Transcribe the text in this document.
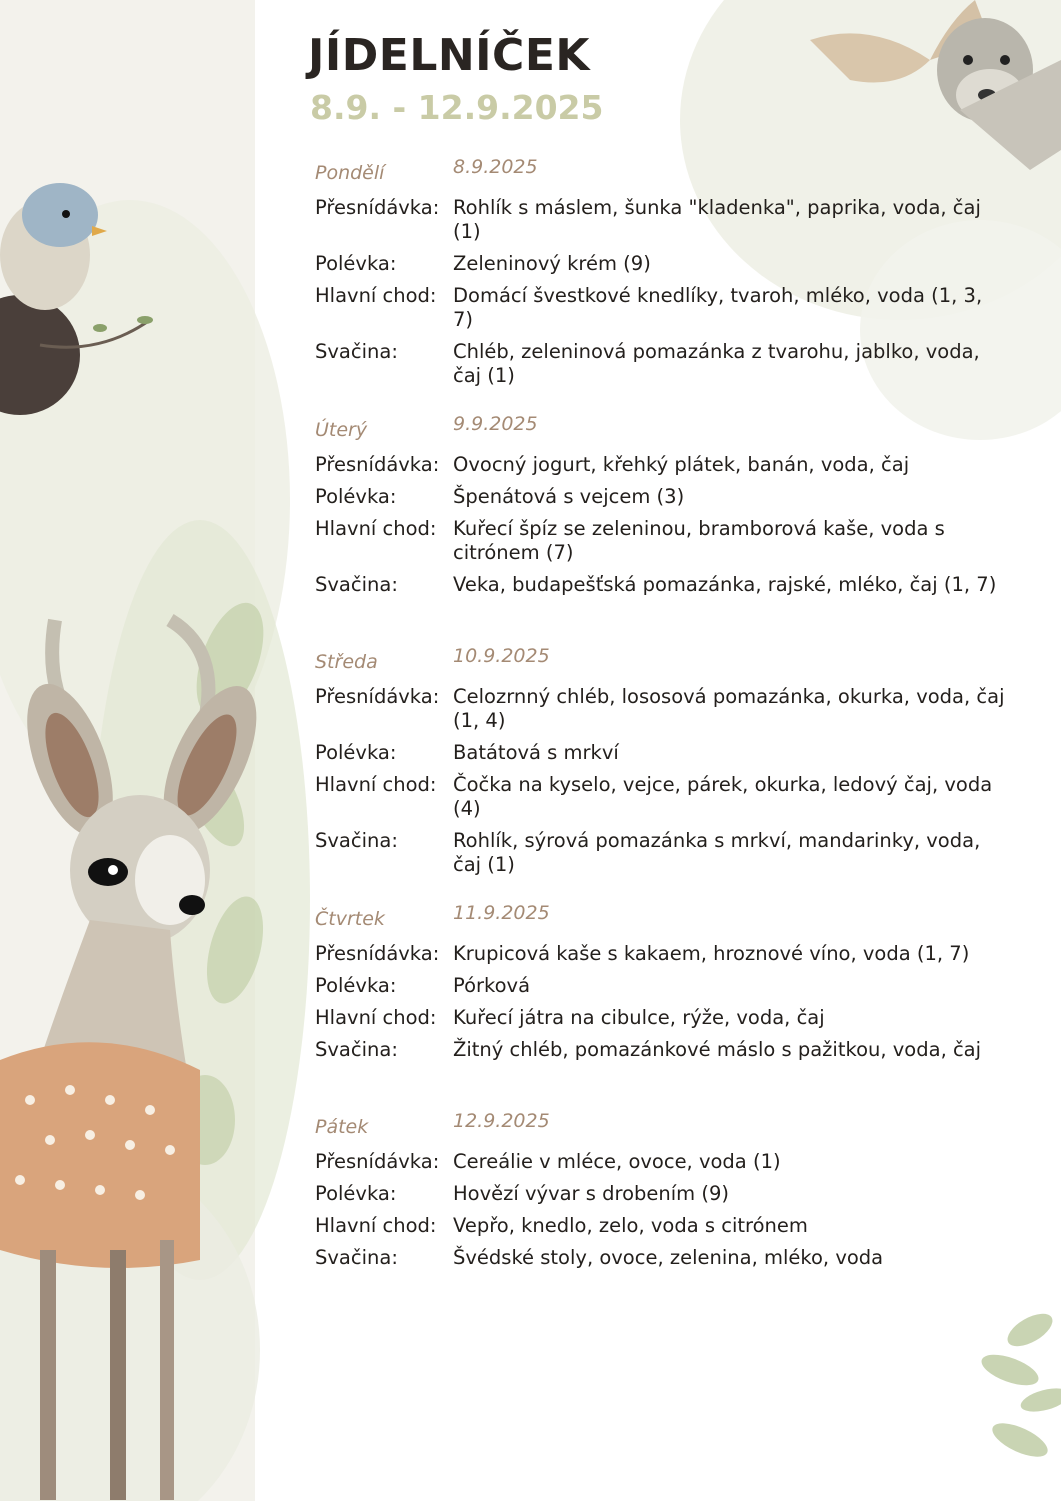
JÍDELNÍČEK
8.9. - 12.9.2025
Pondělí	8.9.2025
Přesnídávka: Rohlík s máslem, šunka "kladenka", paprika, voda, čaj (1)
Polévka:	Zeleninový krém (9)
Hlavní chod: Domácí švestkové knedlíky, tvaroh, mléko, voda (1, 3, 7)
Svačina:	Chléb, zeleninová pomazánka z tvarohu, jablko, voda, čaj (1)
Úterý	9.9.2025
Přesnídávka: Ovocný jogurt, křehký plátek, banán, voda, čaj
Polévka:	Špenátová s vejcem (3)
Hlavní chod: Kuřecí špíz se zeleninou, bramborová kaše, voda s citrónem (7)
Svačina:	Veka, budapešťská pomazánka, rajské, mléko, čaj (1, 7)
Středa	10.9.2025
Přesnídávka: Celozrnný chléb, lososová pomazánka, okurka, voda, čaj (1, 4)
Polévka:	Batátová s mrkví
Hlavní chod: Čočka na kyselo, vejce, párek, okurka, ledový čaj, voda (4)
Svačina:	Rohlík, sýrová pomazánka s mrkví, mandarinky, voda, čaj (1)
Čtvrtek	11.9.2025
Přesnídávka: Krupicová kaše s kakaem, hroznové víno, voda (1, 7)
Polévka:	Pórková
Hlavní chod: Kuřecí játra na cibulce, rýže, voda, čaj
Svačina:	Žitný chléb, pomazánkové máslo s pažitkou, voda, čaj
Pátek	12.9.2025
Přesnídávka: Cereálie v mléce, ovoce, voda (1)
Polévka:	Hovězí vývar s drobením (9)
Hlavní chod: Vepřo, knedlo, zelo, voda s citrónem
Svačina:	Švédské stoly, ovoce, zelenina, mléko, voda
